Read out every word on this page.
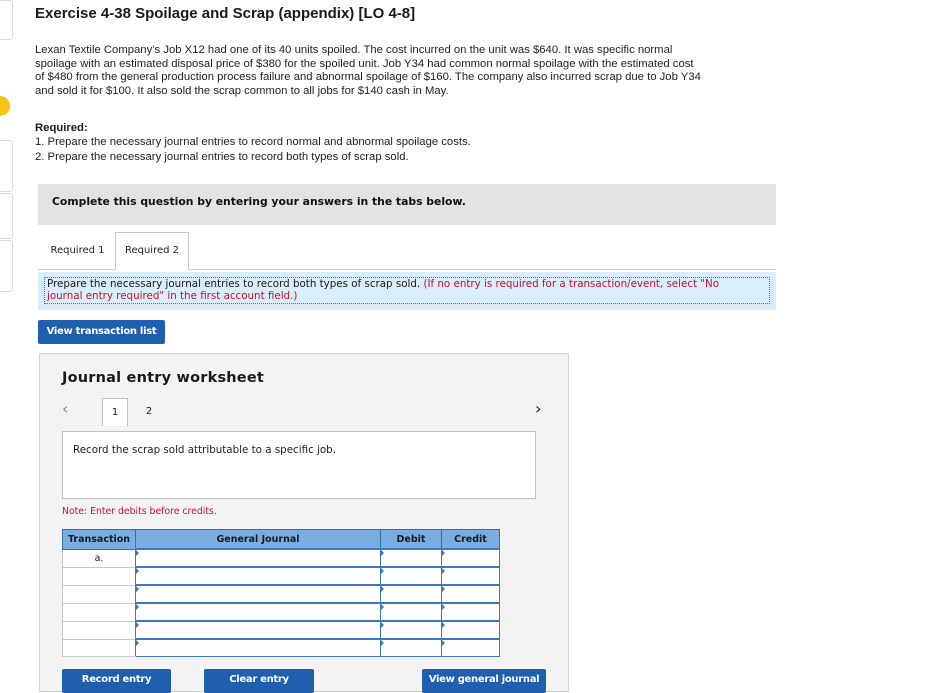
Exercise 4-38 Spoilage and Scrap (appendix) [LO 4-8]
Lexan Textile Company’s Job X12 had one of its 40 units spoiled. The cost incurred on the unit was $640. It was specific normal
spoilage with an estimated disposal price of $380 for the spoiled unit. Job Y34 had common normal spoilage with the estimated cost
of $480 from the general production process failure and abnormal spoilage of $160. The company also incurred scrap due to Job Y34
and sold it for $100. It also sold the scrap common to all jobs for $140 cash in May.
Required:
1. Prepare the necessary journal entries to record normal and abnormal spoilage costs.
2. Prepare the necessary journal entries to record both types of scrap sold.
Complete this question by entering your answers in the tabs below.
Required 1	Required 2
Prepare the necessary journal entries to record both types of scrap sold. (If no entry is required for a transaction/event, select "No
journal entry required" in the first account field.)
View transaction list
Journal entry worksheet
‹	1	2	›
Record the scrap sold attributable to a specific job.
Note: Enter debits before credits.
Transaction	General Journal	Debit	Credit
a.			

Record entry	Clear entry	View general journal
